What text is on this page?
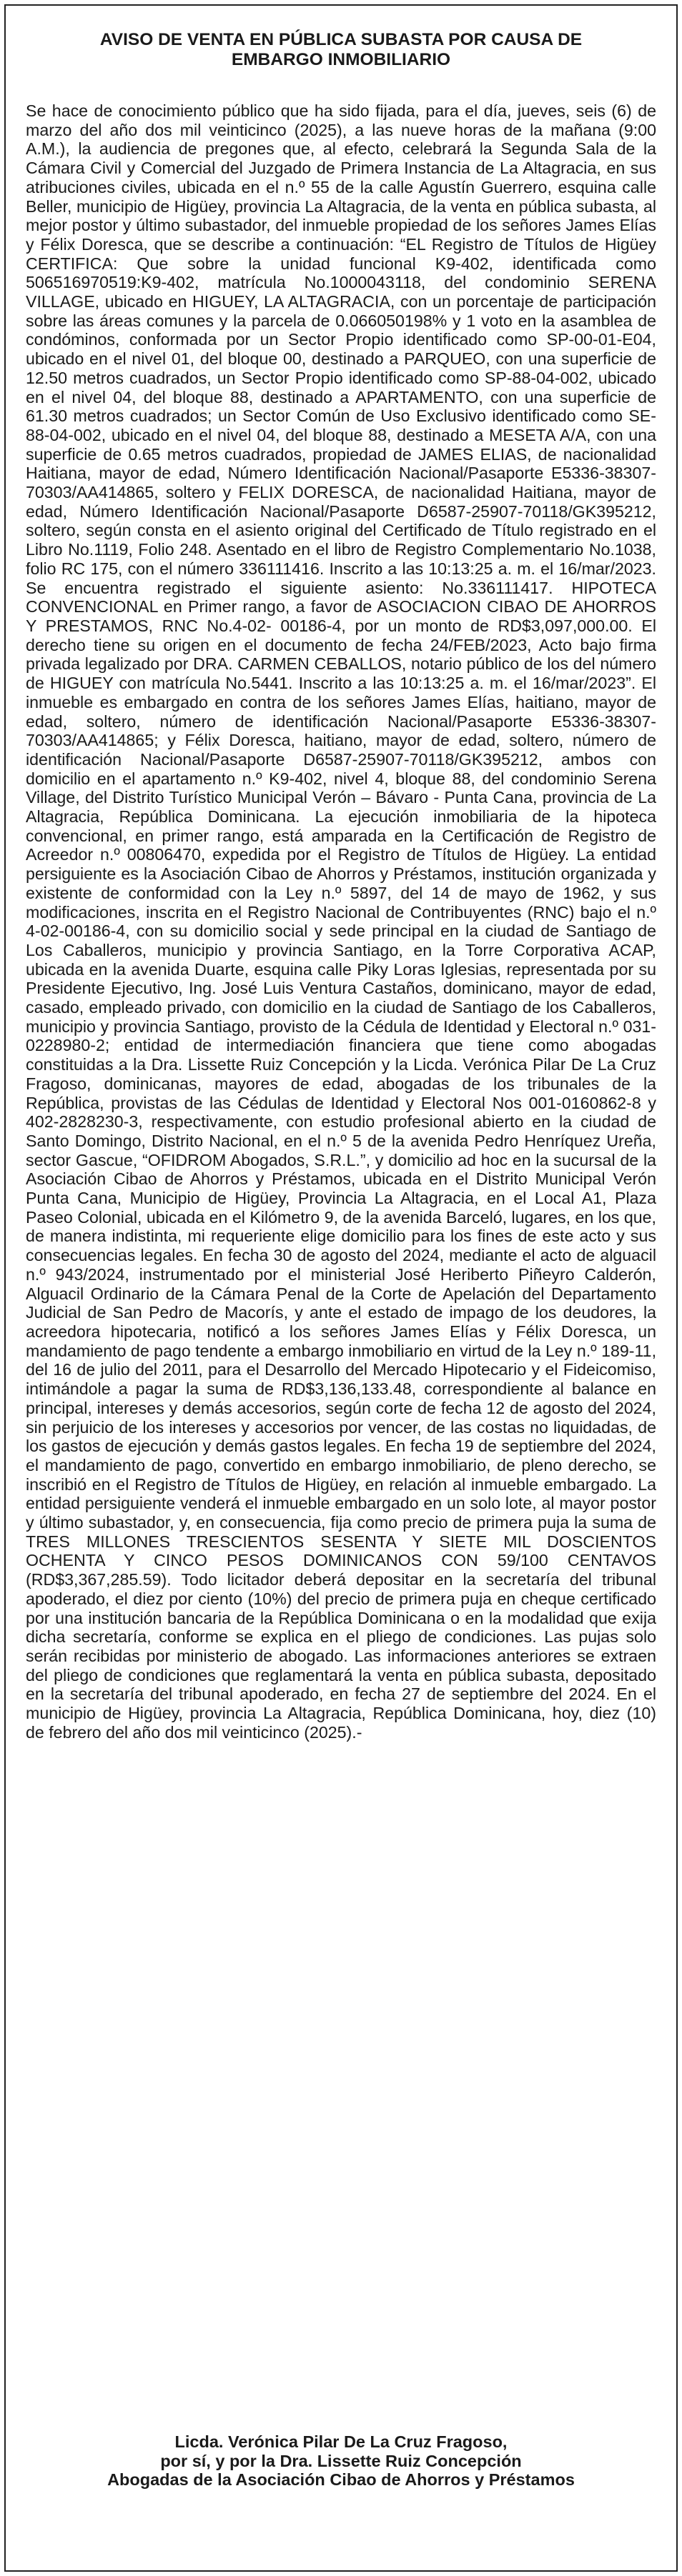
AVISO DE VENTA EN PÚBLICA SUBASTA POR CAUSA DE
EMBARGO INMOBILIARIO

Se hace de conocimiento público que ha sido fijada, para el día, jueves, seis (6) de marzo del año dos mil veinticinco (2025), a las nueve horas de la mañana (9:00 A.M.), la audiencia de pregones que, al efecto, celebrará la Segunda Sala de la Cámara Civil y Comercial del Juzgado de Primera Instancia de La Altagracia, en sus atribuciones civiles, ubicada en el n.º 55 de la calle Agustín Guerrero, esquina calle Beller, municipio de Higüey, provincia La Altagracia, de la venta en pública subasta, al mejor postor y último subastador, del inmueble propiedad de los señores James Elías y Félix Doresca, que se describe a continuación: “EL Registro de Títulos de Higüey CERTIFICA: Que sobre la unidad funcional K9-402, identificada como 506516970519:K9-402, matrícula No.1000043118, del condominio SERENA VILLAGE, ubicado en HIGUEY, LA ALTAGRACIA, con un porcentaje de participación sobre las áreas comunes y la parcela de 0.066050198% y 1 voto en la asamblea de condóminos, conformada por un Sector Propio identificado como SP-00-01-E04, ubicado en el nivel 01, del bloque 00, destinado a PARQUEO, con una superficie de 12.50 metros cuadrados, un Sector Propio identificado como SP-88-04-002, ubicado en el nivel 04, del bloque 88, destinado a APARTAMENTO, con una superficie de 61.30 metros cuadrados; un Sector Común de Uso Exclusivo identificado como SE-88-04-002, ubicado en el nivel 04, del bloque 88, destinado a MESETA A/A, con una superficie de 0.65 metros cuadrados, propiedad de JAMES ELIAS, de nacionalidad Haitiana, mayor de edad, Número Identificación Nacional/Pasaporte E5336-38307-70303/AA414865, soltero y FELIX DORESCA, de nacionalidad Haitiana, mayor de edad, Número Identificación Nacional/Pasaporte D6587-25907-70118/GK395212, soltero, según consta en el asiento original del Certificado de Título registrado en el Libro No.1119, Folio 248. Asentado en el libro de Registro Complementario No.1038, folio RC 175, con el número 336111416. Inscrito a las 10:13:25 a. m. el 16/mar/2023. Se encuentra registrado el siguiente asiento: No.336111417. HIPOTECA CONVENCIONAL en Primer rango, a favor de ASOCIACION CIBAO DE AHORROS Y PRESTAMOS, RNC No.4-02- 00186-4, por un monto de RD$3,097,000.00. El derecho tiene su origen en el documento de fecha 24/FEB/2023, Acto bajo firma privada legalizado por DRA. CARMEN CEBALLOS, notario público de los del número de HIGUEY con matrícula No.5441. Inscrito a las 10:13:25 a. m. el 16/mar/2023”. El inmueble es embargado en contra de los señores James Elías, haitiano, mayor de edad, soltero, número de identificación Nacional/Pasaporte E5336-38307-70303/AA414865; y Félix Doresca, haitiano, mayor de edad, soltero, número de identificación Nacional/Pasaporte D6587-25907-70118/GK395212, ambos con domicilio en el apartamento n.º K9-402, nivel 4, bloque 88, del condominio Serena Village, del Distrito Turístico Municipal Verón – Bávaro - Punta Cana, provincia de La Altagracia, República Dominicana. La ejecución inmobiliaria de la hipoteca convencional, en primer rango, está amparada en la Certificación de Registro de Acreedor n.º 00806470, expedida por el Registro de Títulos de Higüey. La entidad persiguiente es la Asociación Cibao de Ahorros y Préstamos, institución organizada y existente de conformidad con la Ley n.º 5897, del 14 de mayo de 1962, y sus modificaciones, inscrita en el Registro Nacional de Contribuyentes (RNC) bajo el n.º 4-02-00186-4, con su domicilio social y sede principal en la ciudad de Santiago de Los Caballeros, municipio y provincia Santiago, en la Torre Corporativa ACAP, ubicada en la avenida Duarte, esquina calle Piky Loras Iglesias, representada por su Presidente Ejecutivo, Ing. José Luis Ventura Castaños, dominicano, mayor de edad, casado, empleado privado, con domicilio en la ciudad de Santiago de los Caballeros, municipio y provincia Santiago, provisto de la Cédula de Identidad y Electoral n.º 031-0228980-2; entidad de intermediación financiera que tiene como abogadas constituidas a la Dra. Lissette Ruiz Concepción y la Licda. Verónica Pilar De La Cruz Fragoso, dominicanas, mayores de edad, abogadas de los tribunales de la República, provistas de las Cédulas de Identidad y Electoral Nos 001-0160862-8 y 402-2828230-3, respectivamente, con estudio profesional abierto en la ciudad de Santo Domingo, Distrito Nacional, en el n.º 5 de la avenida Pedro Henríquez Ureña, sector Gascue, “OFIDROM Abogados, S.R.L.”, y domicilio ad hoc en la sucursal de la Asociación Cibao de Ahorros y Préstamos, ubicada en el Distrito Municipal Verón Punta Cana, Municipio de Higüey, Provincia La Altagracia, en el Local A1, Plaza Paseo Colonial, ubicada en el Kilómetro 9, de la avenida Barceló, lugares, en los que, de manera indistinta, mi requeriente elige domicilio para los fines de este acto y sus consecuencias legales. En fecha 30 de agosto del 2024, mediante el acto de alguacil n.º 943/2024, instrumentado por el ministerial José Heriberto Piñeyro Calderón, Alguacil Ordinario de la Cámara Penal de la Corte de Apelación del Departamento Judicial de San Pedro de Macorís, y ante el estado de impago de los deudores, la acreedora hipotecaria, notificó a los señores James Elías y Félix Doresca, un mandamiento de pago tendente a embargo inmobiliario en virtud de la Ley n.º 189-11, del 16 de julio del 2011, para el Desarrollo del Mercado Hipotecario y el Fideicomiso, intimándole a pagar la suma de RD$3,136,133.48, correspondiente al balance en principal, intereses y demás accesorios, según corte de fecha 12 de agosto del 2024, sin perjuicio de los intereses y accesorios por vencer, de las costas no liquidadas, de los gastos de ejecución y demás gastos legales. En fecha 19 de septiembre del 2024, el mandamiento de pago, convertido en embargo inmobiliario, de pleno derecho, se inscribió en el Registro de Títulos de Higüey, en relación al inmueble embargado. La entidad persiguiente venderá el inmueble embargado en un solo lote, al mayor postor y último subastador, y, en consecuencia, fija como precio de primera puja la suma de TRES MILLONES TRESCIENTOS SESENTA Y SIETE MIL DOSCIENTOS OCHENTA Y CINCO PESOS DOMINICANOS CON 59/100 CENTAVOS (RD$3,367,285.59). Todo licitador deberá depositar en la secretaría del tribunal apoderado, el diez por ciento (10%) del precio de primera puja en cheque certificado por una institución bancaria de la República Dominicana o en la modalidad que exija dicha secretaría, conforme se explica en el pliego de condiciones. Las pujas solo serán recibidas por ministerio de abogado. Las informaciones anteriores se extraen del pliego de condiciones que reglamentará la venta en pública subasta, depositado en la secretaría del tribunal apoderado, en fecha 27 de septiembre del 2024. En el municipio de Higüey, provincia La Altagracia, República Dominicana, hoy, diez (10) de febrero del año dos mil veinticinco (2025).-

Licda. Verónica Pilar De La Cruz Fragoso,
por sí, y por la Dra. Lissette Ruiz Concepción
Abogadas de la Asociación Cibao de Ahorros y Préstamos
